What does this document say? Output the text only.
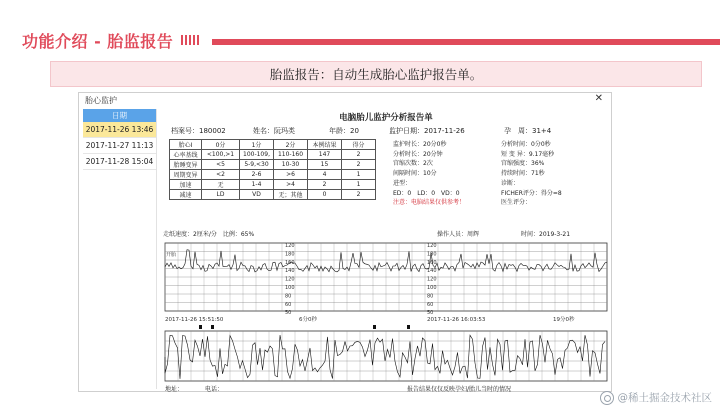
功能介绍 - 胎监报告
胎监报告：自动生成胎心监护报告单。
胎心监护	✕
日期
2017-11-26 13:46
2017-11-27 11:13
2017-11-28 15:04
电脑胎儿监护分析报告单
档案号：180002	姓名：阮玛类	年龄：20	监护日期：2017-11-26	孕　周：31+4
胎心I	0分	1分	2分	本例结果	得分
心率基线	<100,>1	100-109,	110-160	147	2
胎睡变异	<5	5-9,<30	10-30	15	2
周期变异	<2	2-6	>6	4	1
加速	无	1-4	>4	2	1
减速	LD	VD	无；其他	0	2
监护时长：20分0秒	分析时间：0分0秒
分析时长：20分钟	短 变 异：9.17毫秒
宫缩次数：2次	宫缩强度：36%
间隔时间：10分	持续时间：71秒
进型：	诊断：
ED：0　LD：0　VD：0	FICHER评分：得分=8
注意：电脑结果仅供参考！	医生评分：
走纸速度：2厘米/分　比例：65%	操作人员：周辉	时间：2019-3-21
120
180
160
140
120
100
80
60
50
120
180
160
140
120
100
80
60
50
开胎
2017-11-26 15:51:50	6分0秒	2017-11-26 16:03:53	19分0秒
地址：	电话：	报告结果仅仅反映孕妇/胎儿当时的情况
@稀土掘金技术社区
